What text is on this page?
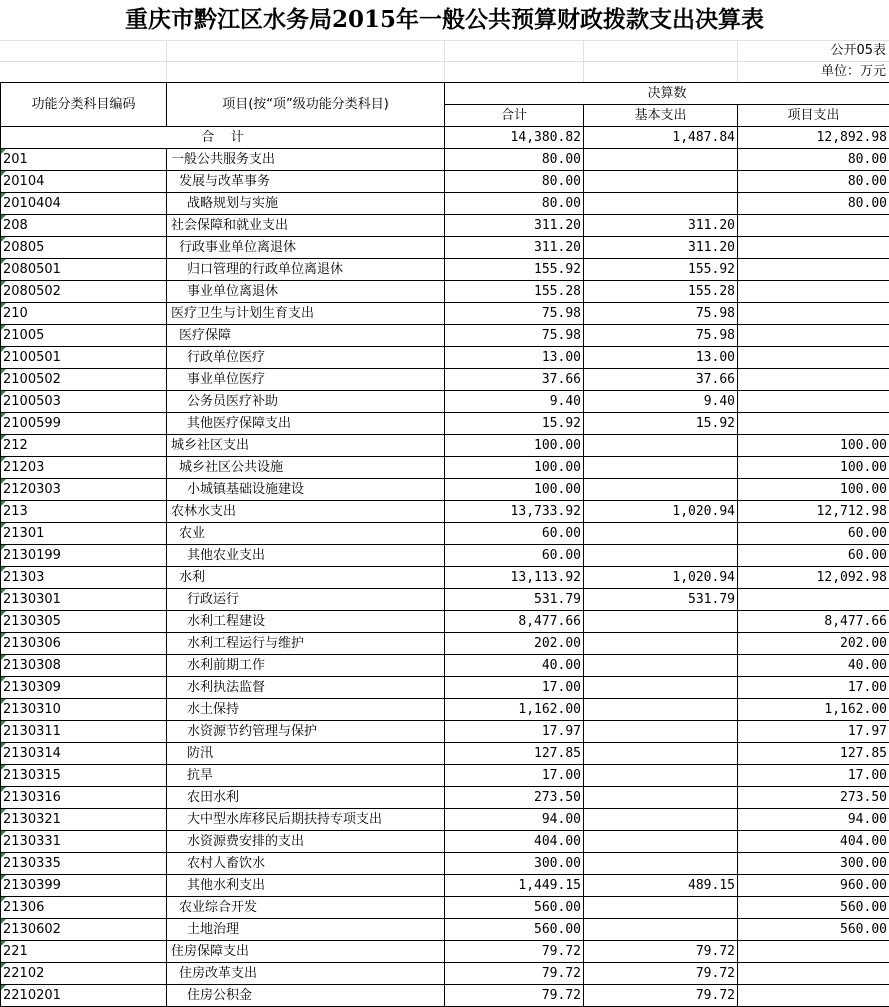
重庆市黔江区水务局2015年一般公共预算财政拨款支出决算表
公开05表
单位：万元
功能分类科目编码	项目(按“项”级功能分类科目)	决算数		
		合计	基本支出	项目支出
合    计		14,380.82	1,487.84	12,892.98
201	一般公共服务支出	80.00		80.00
20104	发展与改革事务	80.00		80.00
2010404	战略规划与实施	80.00		80.00
208	社会保障和就业支出	311.20	311.20	
20805	行政事业单位离退休	311.20	311.20	
2080501	归口管理的行政单位离退休	155.92	155.92	
2080502	事业单位离退休	155.28	155.28	
210	医疗卫生与计划生育支出	75.98	75.98	
21005	医疗保障	75.98	75.98	
2100501	行政单位医疗	13.00	13.00	
2100502	事业单位医疗	37.66	37.66	
2100503	公务员医疗补助	9.40	9.40	
2100599	其他医疗保障支出	15.92	15.92	
212	城乡社区支出	100.00		100.00
21203	城乡社区公共设施	100.00		100.00
2120303	小城镇基础设施建设	100.00		100.00
213	农林水支出	13,733.92	1,020.94	12,712.98
21301	农业	60.00		60.00
2130199	其他农业支出	60.00		60.00
21303	水利	13,113.92	1,020.94	12,092.98
2130301	行政运行	531.79	531.79	
2130305	水利工程建设	8,477.66		8,477.66
2130306	水利工程运行与维护	202.00		202.00
2130308	水利前期工作	40.00		40.00
2130309	水利执法监督	17.00		17.00
2130310	水土保持	1,162.00		1,162.00
2130311	水资源节约管理与保护	17.97		17.97
2130314	防汛	127.85		127.85
2130315	抗旱	17.00		17.00
2130316	农田水利	273.50		273.50
2130321	大中型水库移民后期扶持专项支出	94.00		94.00
2130331	水资源费安排的支出	404.00		404.00
2130335	农村人畜饮水	300.00		300.00
2130399	其他水利支出	1,449.15	489.15	960.00
21306	农业综合开发	560.00		560.00
2130602	土地治理	560.00		560.00
221	住房保障支出	79.72	79.72	
22102	住房改革支出	79.72	79.72	
2210201	住房公积金	79.72	79.72	
